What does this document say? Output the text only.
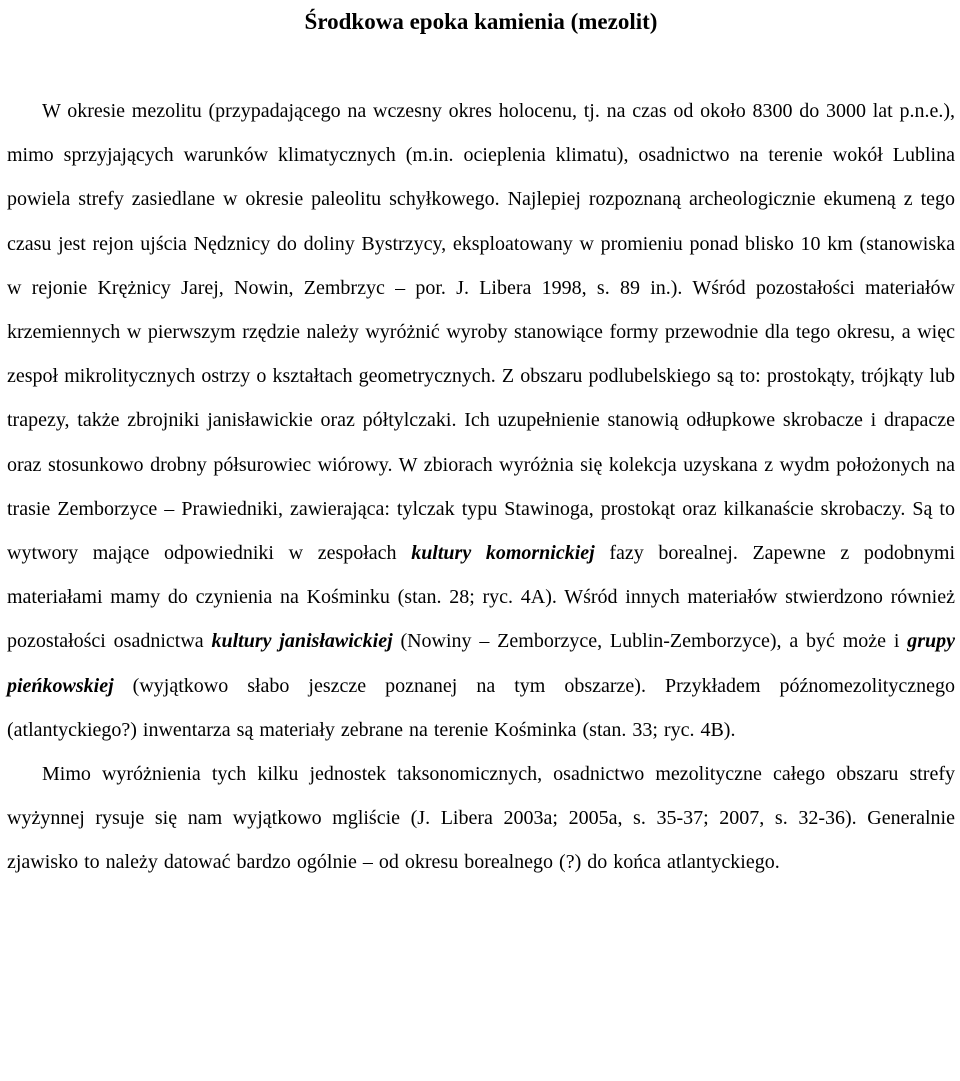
Środkowa epoka kamienia (mezolit)

W okresie mezolitu (przypadającego na wczesny okres holocenu, tj. na czas od około 8300 do 3000 lat p.n.e.), mimo sprzyjających warunków klimatycznych (m.in. ocieplenia klimatu), osadnictwo na terenie wokół Lublina powiela strefy zasiedlane w okresie paleolitu schyłkowego. Najlepiej rozpoznaną archeologicznie ekumeną z tego czasu jest rejon ujścia Nędznicy do doliny Bystrzycy, eksploatowany w promieniu ponad blisko 10 km (stanowiska w rejonie Krężnicy Jarej, Nowin, Zembrzyc – por. J. Libera 1998, s. 89 in.). Wśród pozostałości materiałów krzemiennych w pierwszym rzędzie należy wyróżnić wyroby stanowiące formy przewodnie dla tego okresu, a więc zespoł mikrolitycznych ostrzy o kształtach geometrycznych. Z obszaru podlubelskiego są to: prostokąty, trójkąty lub trapezy, także zbrojniki janisławickie oraz półtylczaki. Ich uzupełnienie stanowią odłupkowe skrobacze i drapacze oraz stosunkowo drobny półsurowiec wiórowy. W zbiorach wyróżnia się kolekcja uzyskana z wydm położonych na trasie Zemborzyce – Prawiedniki, zawierająca: tylczak typu Stawinoga, prostokąt oraz kilkanaście skrobaczy. Są to wytwory mające odpowiedniki w zespołach kultury komornickiej fazy borealnej. Zapewne z podobnymi materiałami mamy do czynienia na Kośminku (stan. 28; ryc. 4A). Wśród innych materiałów stwierdzono również pozostałości osadnictwa kultury janisławickiej (Nowiny – Zemborzyce, Lublin-Zemborzyce), a być może i grupy pieńkowskiej (wyjątkowo słabo jeszcze poznanej na tym obszarze). Przykładem późnomezolitycznego (atlantyckiego?) inwentarza są materiały zebrane na terenie Kośminka (stan. 33; ryc. 4B).

Mimo wyróżnienia tych kilku jednostek taksonomicznych, osadnictwo mezolityczne całego obszaru strefy wyżynnej rysuje się nam wyjątkowo mgliście (J. Libera 2003a; 2005a, s. 35-37; 2007, s. 32-36). Generalnie zjawisko to należy datować bardzo ogólnie – od okresu borealnego (?) do końca atlantyckiego.
